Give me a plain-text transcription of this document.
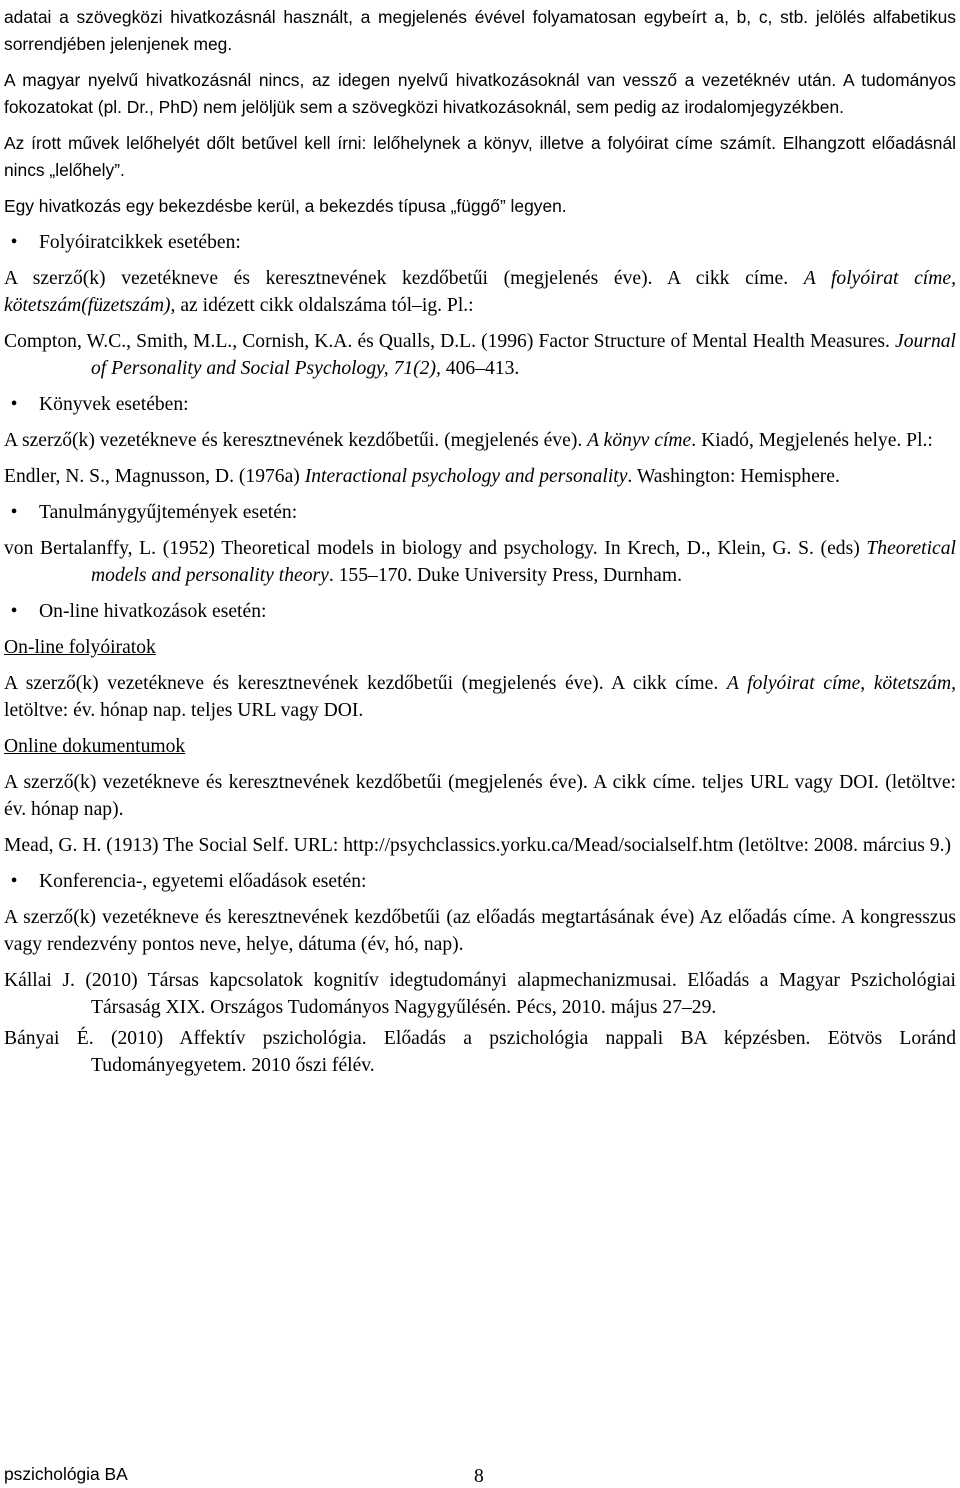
adatai a szövegközi hivatkozásnál használt, a megjelenés évével folyamatosan egybeírt a, b, c, stb. jelölés alfabetikus sorrendjében jelenjenek meg.

A magyar nyelvű hivatkozásnál nincs, az idegen nyelvű hivatkozásoknál van vessző a vezetéknév után. A tudományos fokozatokat (pl. Dr., PhD) nem jelöljük sem a szövegközi hivatkozásoknál, sem pedig az irodalomjegyzékben.

Az írott művek lelőhelyét dőlt betűvel kell írni: lelőhelynek a könyv, illetve a folyóirat címe számít. Elhangzott előadásnál nincs „lelőhely”.

Egy hivatkozás egy bekezdésbe kerül, a bekezdés típusa „függő” legyen.

•	Folyóiratcikkek esetében:

A szerző(k) vezetékneve és keresztnevének kezdőbetűi (megjelenés éve). A cikk címe. A folyóirat címe, kötetszám(füzetszám), az idézett cikk oldalszáma tól–ig. Pl.:

Compton, W.C., Smith, M.L., Cornish, K.A. és Qualls, D.L. (1996) Factor Structure of Mental Health Measures. Journal of Personality and Social Psychology, 71(2), 406–413.

•	Könyvek esetében:

A szerző(k) vezetékneve és keresztnevének kezdőbetűi. (megjelenés éve). A könyv címe. Kiadó, Megjelenés helye. Pl.:

Endler, N. S., Magnusson, D. (1976a) Interactional psychology and personality. Washington: Hemisphere.

•	Tanulmánygyűjtemények esetén:

von Bertalanffy, L. (1952) Theoretical models in biology and psychology. In Krech, D., Klein, G. S. (eds) Theoretical models and personality theory. 155–170. Duke University Press, Durnham.

•	On-line hivatkozások esetén:

On-line folyóiratok

A szerző(k) vezetékneve és keresztnevének kezdőbetűi (megjelenés éve). A cikk címe. A folyóirat címe, kötetszám, letöltve: év. hónap nap. teljes URL vagy DOI.

Online dokumentumok

A szerző(k) vezetékneve és keresztnevének kezdőbetűi (megjelenés éve). A cikk címe. teljes URL vagy DOI. (letöltve: év. hónap nap).

Mead, G. H. (1913) The Social Self. URL: http://psychclassics.yorku.ca/Mead/socialself.htm (letöltve: 2008. március 9.)

•	Konferencia-, egyetemi előadások esetén:

A szerző(k) vezetékneve és keresztnevének kezdőbetűi (az előadás megtartásának éve) Az előadás címe. A kongresszus vagy rendezvény pontos neve, helye, dátuma (év, hó, nap).

Kállai J. (2010) Társas kapcsolatok kognitív idegtudományi alapmechanizmusai. Előadás a Magyar Pszichológiai Társaság XIX. Országos Tudományos Nagygyűlésén. Pécs, 2010. május 27–29.

Bányai É. (2010) Affektív pszichológia. Előadás a pszichológia nappali BA képzésben. Eötvös Loránd Tudományegyetem. 2010 őszi félév.

pszichológia BA	8
